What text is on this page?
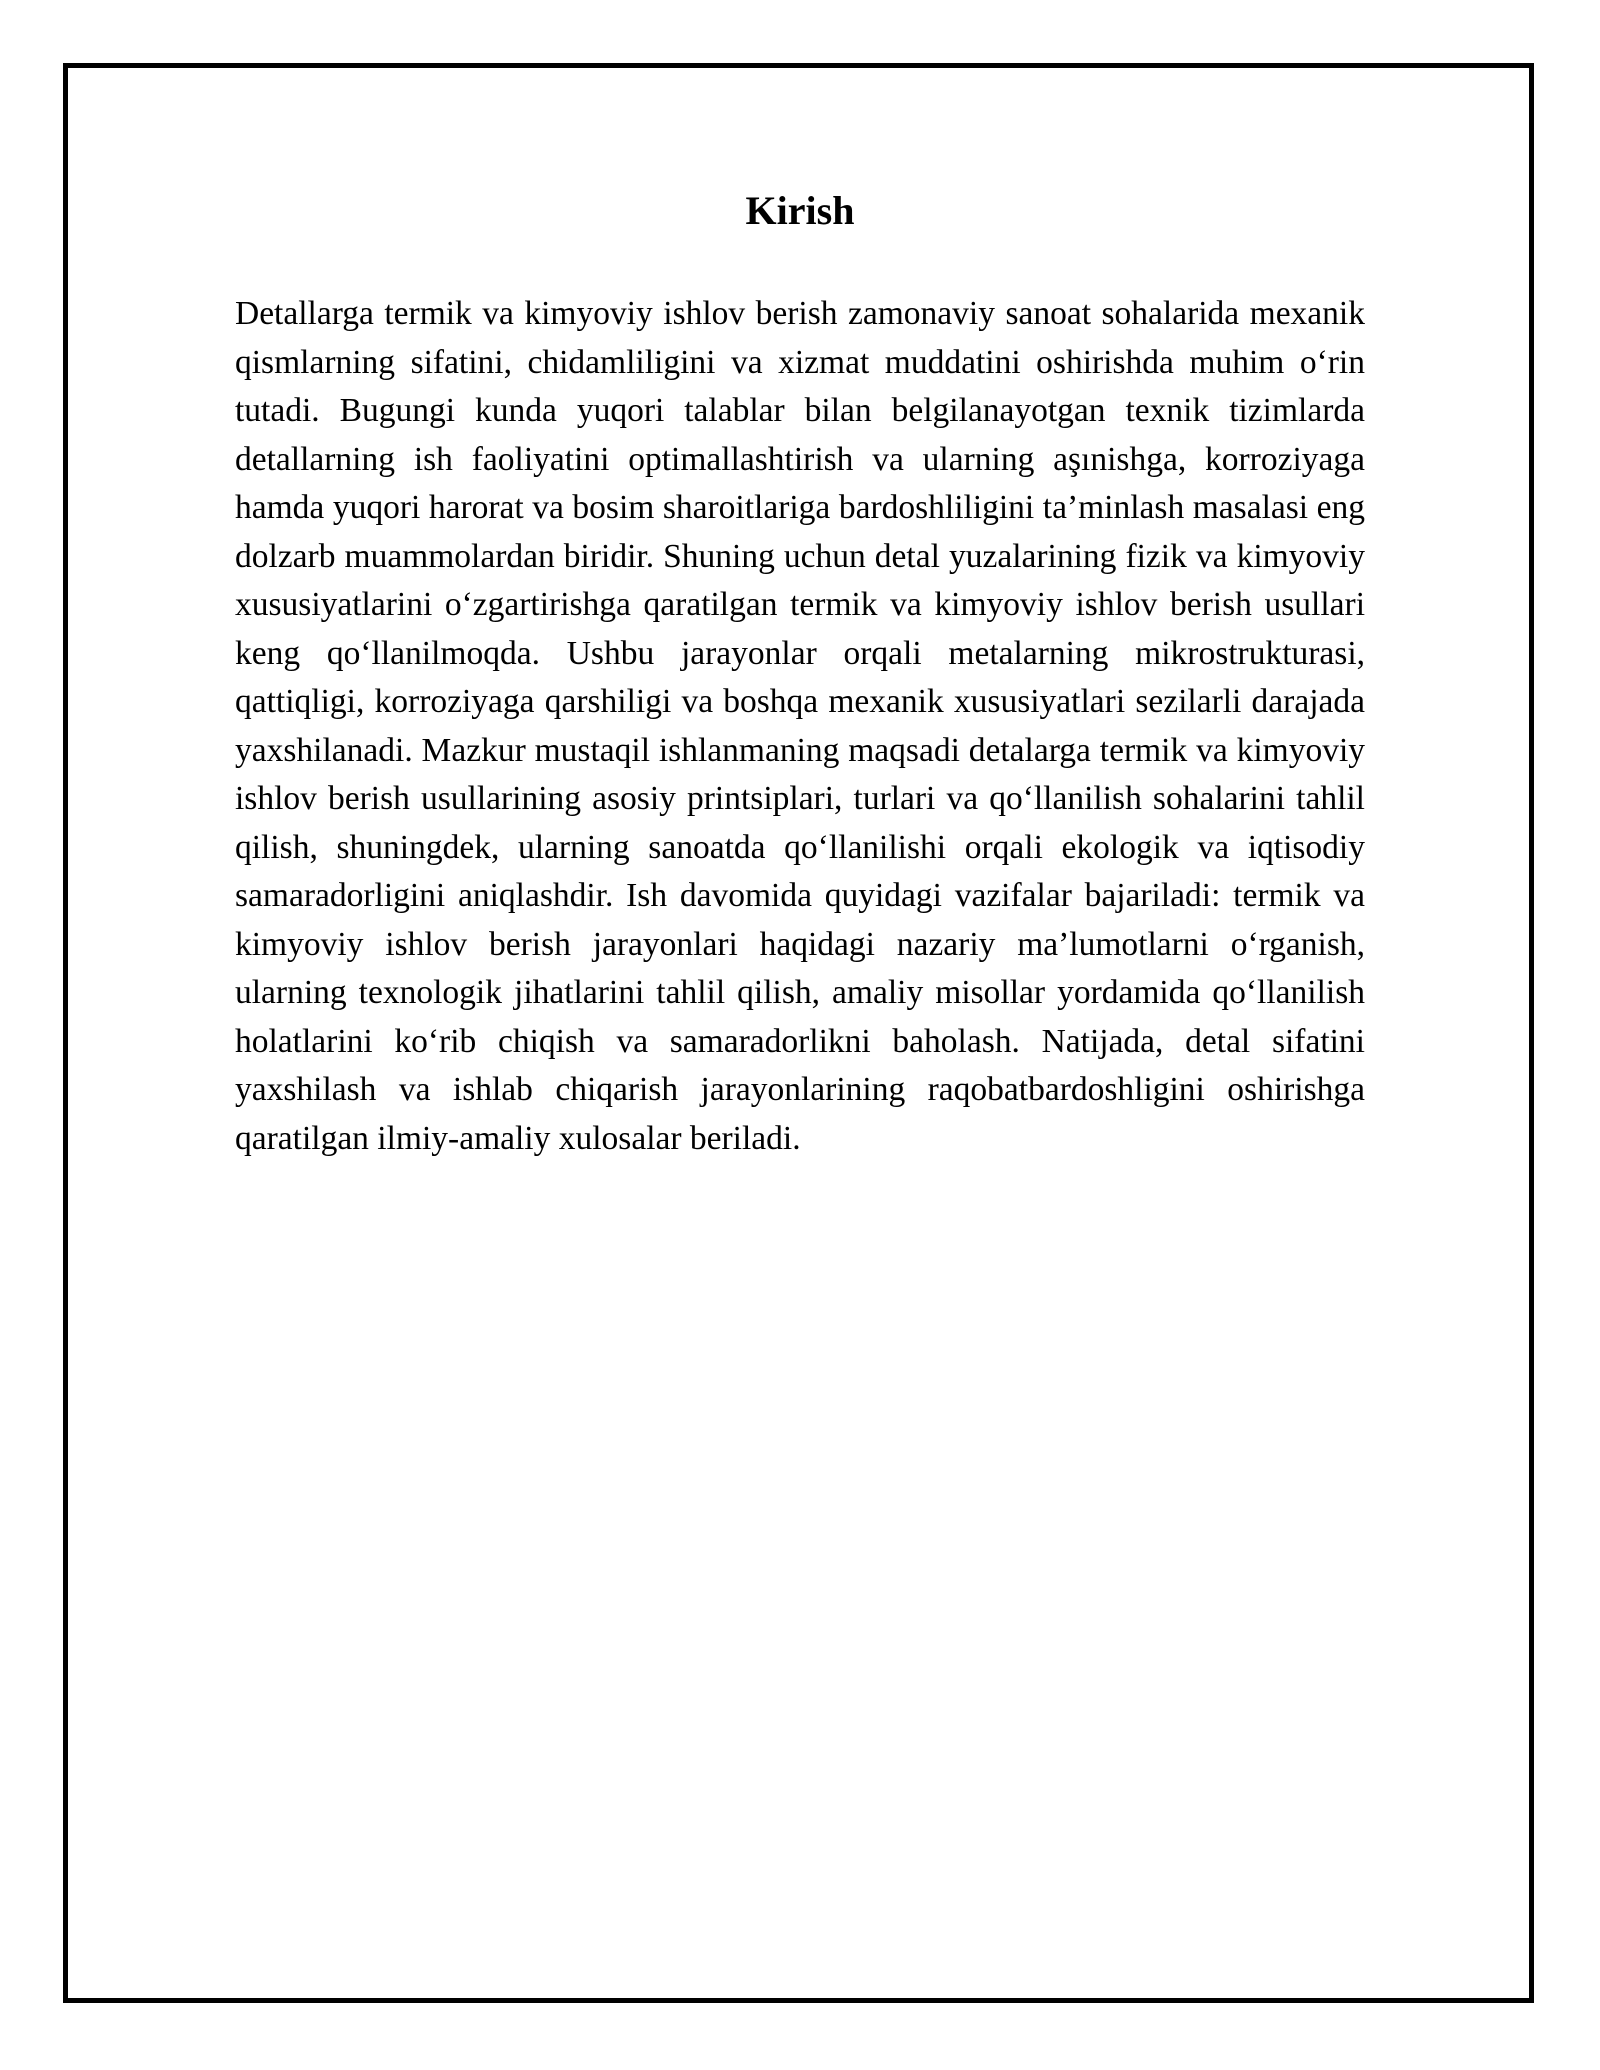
Kirish

Detallarga termik va kimyoviy ishlov berish zamonaviy sanoat sohalarida mexanik qismlarning sifatini, chidamliligini va xizmat muddatini oshirishda muhim o‘rin tutadi. Bugungi kunda yuqori talablar bilan belgilanayotgan texnik tizimlarda detallarning ish faoliyatini optimallashtirish va ularning aşınishga, korroziyaga hamda yuqori harorat va bosim sharoitlariga bardoshliligini ta’minlash masalasi eng dolzarb muammolardan biridir. Shuning uchun detal yuzalarining fizik va kimyoviy xususiyatlarini o‘zgartirishga qaratilgan termik va kimyoviy ishlov berish usullari keng qo‘llanilmoqda. Ushbu jarayonlar orqali metalarning mikrostrukturasi, qattiqligi, korroziyaga qarshiligi va boshqa mexanik xususiyatlari sezilarli darajada yaxshilanadi. Mazkur mustaqil ishlanmaning maqsadi detalarga termik va kimyoviy ishlov berish usullarining asosiy printsiplari, turlari va qo‘llanilish sohalarini tahlil qilish, shuningdek, ularning sanoatda qo‘llanilishi orqali ekologik va iqtisodiy samaradorligini aniqlashdir. Ish davomida quyidagi vazifalar bajariladi: termik va kimyoviy ishlov berish jarayonlari haqidagi nazariy ma’lumotlarni o‘rganish, ularning texnologik jihatlarini tahlil qilish, amaliy misollar yordamida qo‘llanilish holatlarini ko‘rib chiqish va samaradorlikni baholash. Natijada, detal sifatini yaxshilash va ishlab chiqarish jarayonlarining raqobatbardoshligini oshirishga qaratilgan ilmiy-amaliy xulosalar beriladi.
